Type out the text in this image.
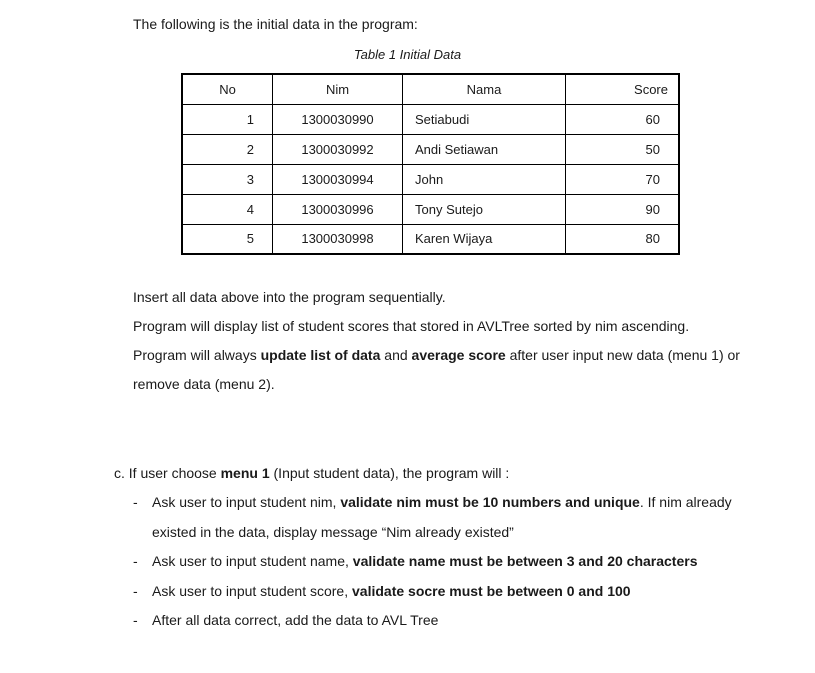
The following is the initial data in the program:
Table 1 Initial Data
No	Nim	Nama	Score
1	1300030990	Setiabudi	60
2	1300030992	Andi Setiawan	50
3	1300030994	John	70
4	1300030996	Tony Sutejo	90
5	1300030998	Karen Wijaya	80
Insert all data above into the program sequentially.
Program will display list of student scores that stored in AVLTree sorted by nim ascending.
Program will always update list of data and average score after user input new data (menu 1) or remove data (menu 2).
c. If user choose menu 1 (Input student data), the program will :
- Ask user to input student nim, validate nim must be 10 numbers and unique. If nim already existed in the data, display message “Nim already existed”
- Ask user to input student name, validate name must be between 3 and 20 characters
- Ask user to input student score, validate socre must be between 0 and 100
- After all data correct, add the data to AVL Tree
